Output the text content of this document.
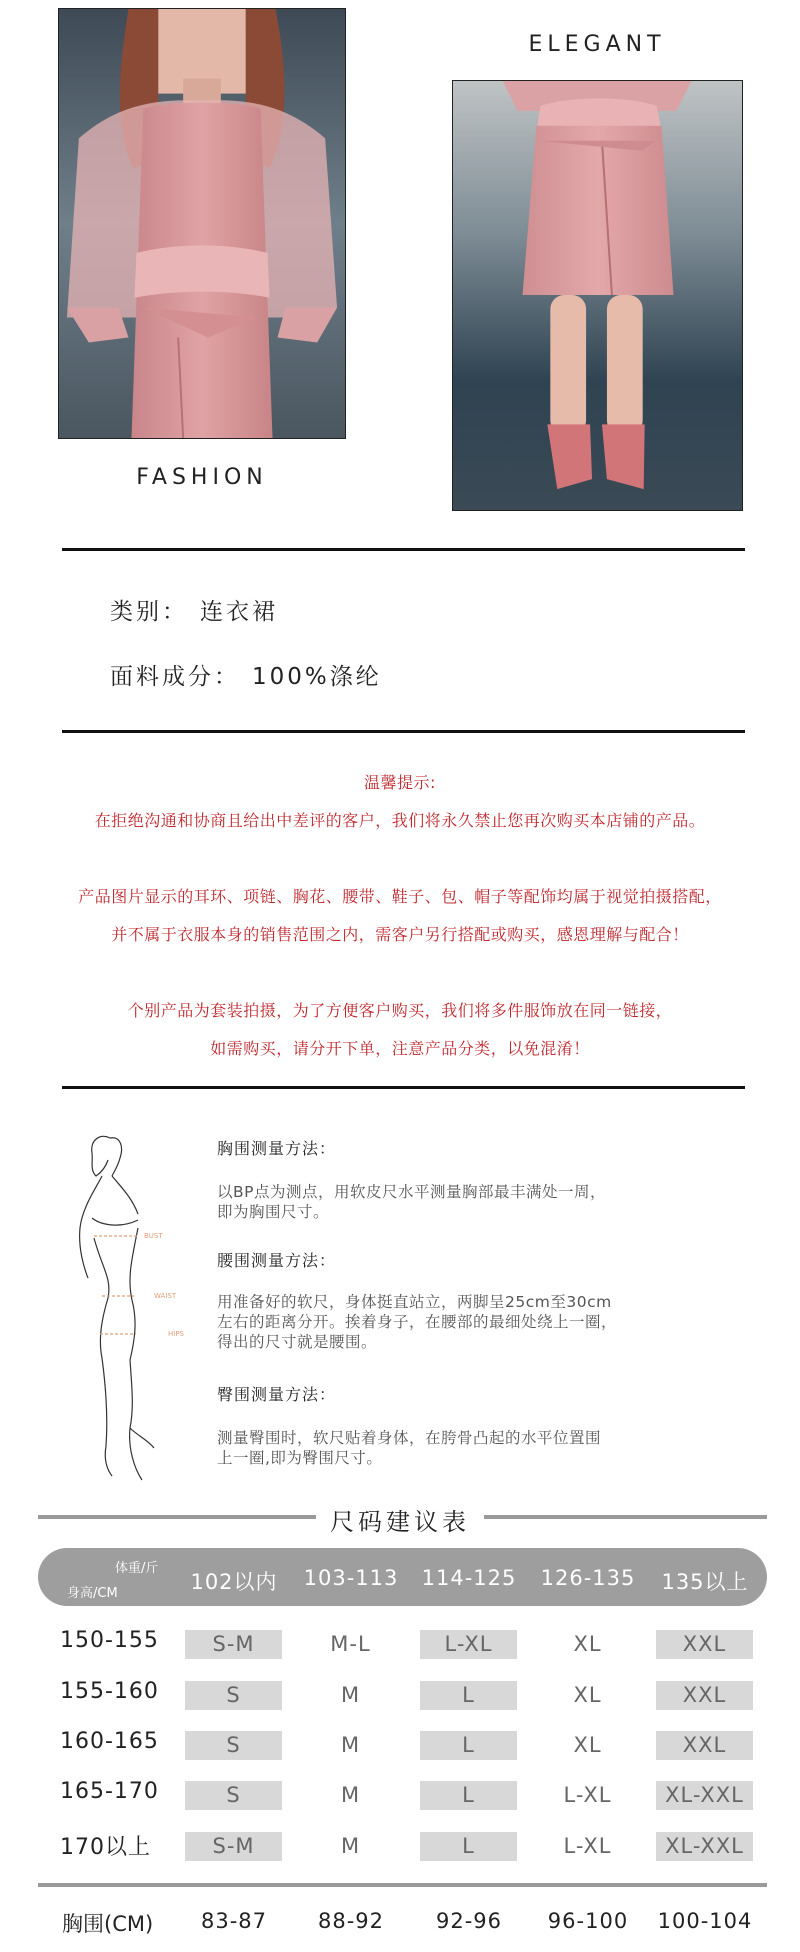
FASHION
ELEGANT
类别： 连衣裙
面料成分： 100%涤纶
温馨提示:
在拒绝沟通和协商且给出中差评的客户，我们将永久禁止您再次购买本店铺的产品。
产品图片显示的耳环、项链、胸花、腰带、鞋子、包、帽子等配饰均属于视觉拍摄搭配，
并不属于衣服本身的销售范围之内，需客户另行搭配或购买，感恩理解与配合！
个别产品为套装拍摄，为了方便客户购买，我们将多件服饰放在同一链接，
如需购买，请分开下单，注意产品分类，以免混淆！
BUST
WAIST
HIPS
胸围测量方法：
以BP点为测点，用软皮尺水平测量胸部最丰满处一周，
即为胸围尺寸。
腰围测量方法：
用准备好的软尺，身体挺直站立，两脚呈25cm至30cm
左右的距离分开。挨着身子，在腰部的最细处绕上一圈，
得出的尺寸就是腰围。
臀围测量方法：
测量臀围时，软尺贴着身体，在胯骨凸起的水平位置围
上一圈,即为臀围尺寸。
尺码建议表
体重/斤
身高/CM	102以内	103-113	114-125	126-135	135以上
150-155	S-M	M-L	L-XL	XL	XXL
155-160	S	M	L	XL	XXL
160-165	S	M	L	XL	XXL
165-170	S	M	L	L-XL	XL-XXL
170以上	S-M	M	L	L-XL	XL-XXL
胸围(CM)	83-87	88-92	92-96	96-100	100-104
